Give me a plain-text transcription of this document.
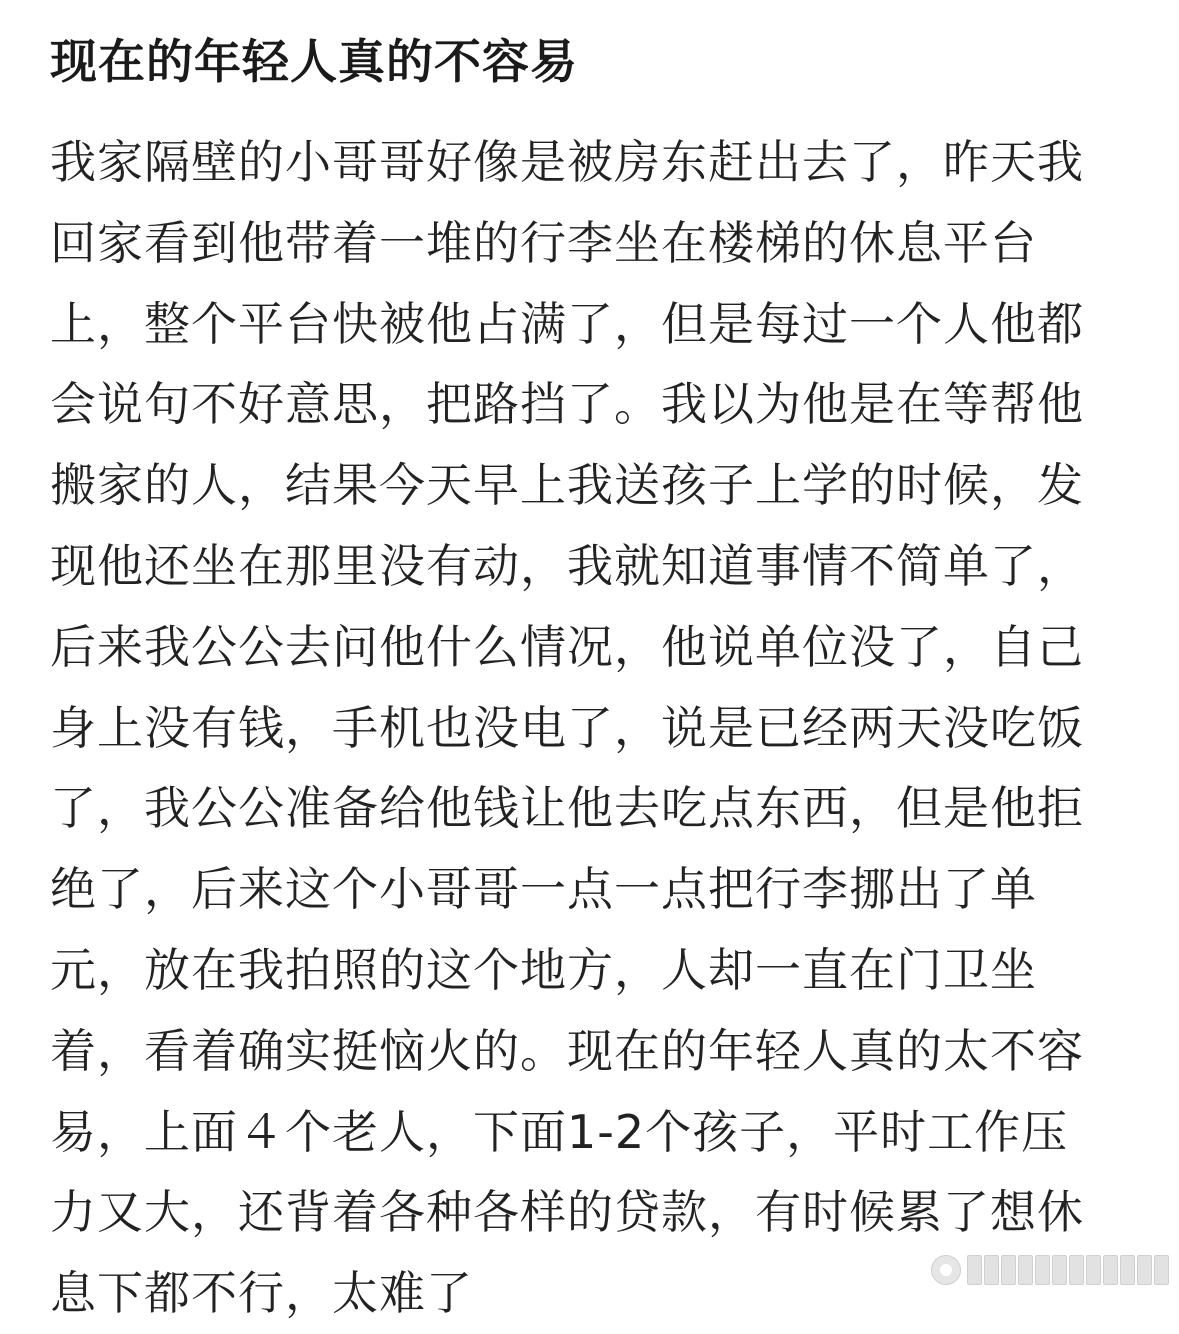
现在的年轻人真的不容易
我家隔壁的小哥哥好像是被房东赶出去了，昨天我
回家看到他带着一堆的行李坐在楼梯的休息平台
上，整个平台快被他占满了，但是每过一个人他都
会说句不好意思，把路挡了。我以为他是在等帮他
搬家的人，结果今天早上我送孩子上学的时候，发
现他还坐在那里没有动，我就知道事情不简单了，
后来我公公去问他什么情况，他说单位没了，自己
身上没有钱，手机也没电了，说是已经两天没吃饭
了，我公公准备给他钱让他去吃点东西，但是他拒
绝了，后来这个小哥哥一点一点把行李挪出了单
元，放在我拍照的这个地方，人却一直在门卫坐
着，看着确实挺恼火的。现在的年轻人真的太不容
易，上面４个老人，下面1-2个孩子，平时工作压
力又大，还背着各种各样的贷款，有时候累了想休
息下都不行，太难了
